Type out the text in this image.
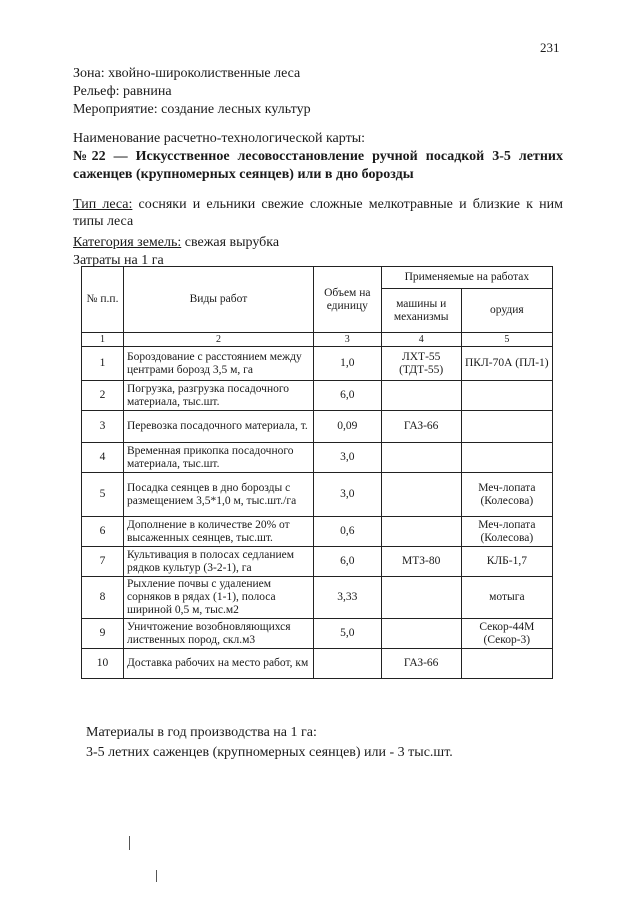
231
Зона: хвойно-широколиственные леса
Рельеф: равнина
Мероприятие: создание лесных культур
Наименование расчетно-технологической карты:
№22 — Искусственное лесовосстановление ручной посадкой 3-5 летних саженцев (крупномерных сеянцев) или в дно борозды
Тип леса: сосняки и ельники свежие сложные мелкотравные и близкие к ним типы леса
Категория земель: свежая вырубка
Затраты на 1 га
№ п.п.	Виды работ	Объем на единицу	Применяемые на работах	
			машины и механизмы	орудия
1	2	3	4	5
1	Бороздование с расстоянием между центрами борозд 3,5 м, га	1,0	ЛХТ-55 (ТДТ-55)	ПКЛ-70А (ПЛ-1)
2	Погрузка, разгрузка посадочного материала, тыс.шт.	6,0		
3	Перевозка посадочного материала, т.	0,09	ГАЗ-66	
4	Временная прикопка посадочного материала, тыс.шт.	3,0		
5	Посадка сеянцев в дно борозды с размещением 3,5*1,0 м, тыс.шт./га	3,0		Меч-лопата (Колесова)
6	Дополнение в количестве 20% от высаженных сеянцев, тыс.шт.	0,6		Меч-лопата (Колесова)
7	Культивация в полосах седланием рядков культур (3-2-1), га	6,0	МТЗ-80	КЛБ-1,7
8	Рыхление почвы с удалением сорняков в рядах (1-1), полоса шириной 0,5 м, тыс.м2	3,33		мотыга
9	Уничтожение возобновляющихся лиственных пород, скл.м3	5,0		Секор-44М (Секор-3)
10	Доставка рабочих на место работ, км		ГАЗ-66	
Материалы в год производства на 1 га:
3-5 летних саженцев (крупномерных сеянцев) или - 3 тыс.шт.
